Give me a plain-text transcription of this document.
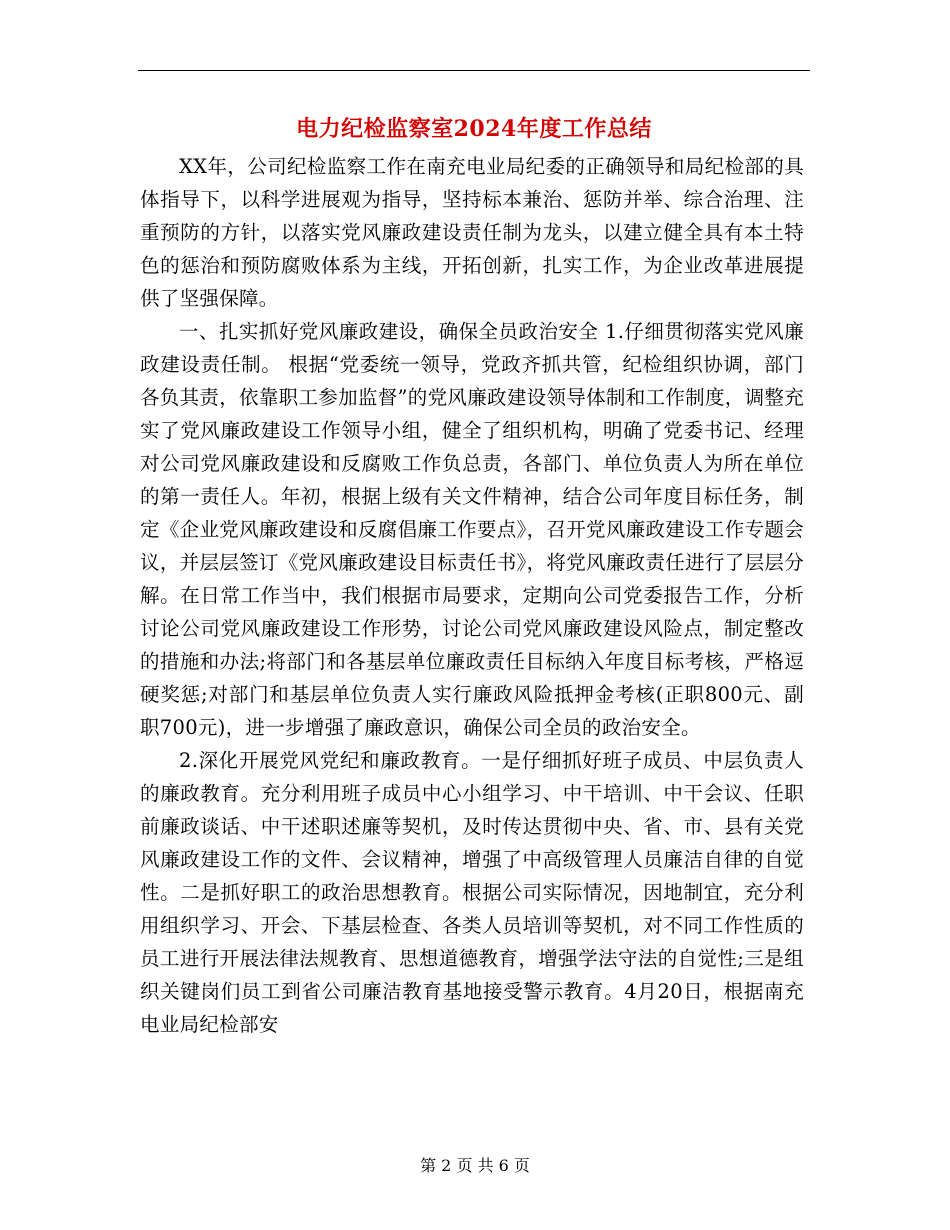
电力纪检监察室2024年度工作总结

XX年，公司纪检监察工作在南充电业局纪委的正确领导和局纪检部的具体指导下，以科学进展观为指导，坚持标本兼治、惩防并举、综合治理、注重预防的方针，以落实党风廉政建设责任制为龙头，以建立健全具有本土特色的惩治和预防腐败体系为主线，开拓创新，扎实工作，为企业改革进展提供了坚强保障。

一、扎实抓好党风廉政建设，确保全员政治安全 1.仔细贯彻落实党风廉政建设责任制。 根据“党委统一领导，党政齐抓共管，纪检组织协调，部门各负其责，依靠职工参加监督”的党风廉政建设领导体制和工作制度，调整充实了党风廉政建设工作领导小组，健全了组织机构，明确了党委书记、经理对公司党风廉政建设和反腐败工作负总责，各部门、单位负责人为所在单位的第一责任人。年初，根据上级有关文件精神，结合公司年度目标任务，制定《企业党风廉政建设和反腐倡廉工作要点》，召开党风廉政建设工作专题会议，并层层签订《党风廉政建设目标责任书》，将党风廉政责任进行了层层分解。在日常工作当中，我们根据市局要求，定期向公司党委报告工作，分析讨论公司党风廉政建设工作形势，讨论公司党风廉政建设风险点，制定整改的措施和办法;将部门和各基层单位廉政责任目标纳入年度目标考核，严格逗硬奖惩;对部门和基层单位负责人实行廉政风险抵押金考核(正职800元、副职700元)，进一步增强了廉政意识，确保公司全员的政治安全。

2.深化开展党风党纪和廉政教育。一是仔细抓好班子成员、中层负责人的廉政教育。充分利用班子成员中心小组学习、中干培训、中干会议、任职前廉政谈话、中干述职述廉等契机，及时传达贯彻中央、省、市、县有关党风廉政建设工作的文件、会议精神，增强了中高级管理人员廉洁自律的自觉性。二是抓好职工的政治思想教育。根据公司实际情况，因地制宜，充分利用组织学习、开会、下基层检查、各类人员培训等契机，对不同工作性质的员工进行开展法律法规教育、思想道德教育，增强学法守法的自觉性;三是组织关键岗们员工到省公司廉洁教育基地接受警示教育。4月20日，根据南充电业局纪检部安

第 2 页 共 6 页
